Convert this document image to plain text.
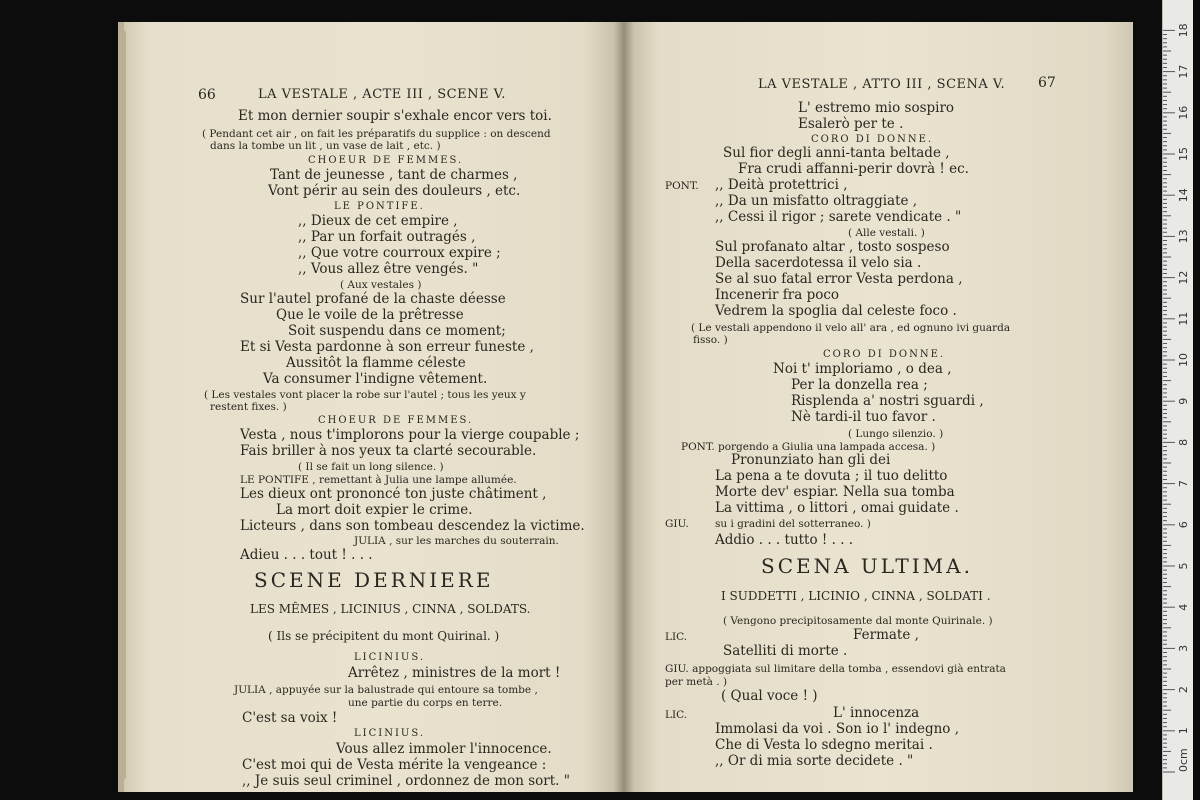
66	LA VESTALE , ACTE III , SCENE V.
Et mon dernier soupir s'exhale encor vers toi.
( Pendant cet air , on fait les préparatifs du supplice : on descend
dans la tombe un lit , un vase de lait , etc. )
CHOEUR DE FEMMES.
Tant de jeunesse , tant de charmes ,
Vont périr au sein des douleurs , etc.
LE PONTIFE.
,, Dieux de cet empire ,
,, Par un forfait outragés ,
,, Que votre courroux expire ;
,, Vous allez être vengés. "
( Aux vestales )
Sur l'autel profané de la chaste déesse
Que le voile de la prêtresse
Soit suspendu dans ce moment;
Et si Vesta pardonne à son erreur funeste ,
Aussitôt la flamme céleste
Va consumer l'indigne vêtement.
( Les vestales vont placer la robe sur l'autel ; tous les yeux y
restent fixes. )
CHOEUR DE FEMMES.
Vesta , nous t'implorons pour la vierge coupable ;
Fais briller à nos yeux ta clarté secourable.
( Il se fait un long silence. )
LE PONTIFE , remettant à Julia une lampe allumée.
Les dieux ont prononcé ton juste châtiment ,
La mort doit expier le crime.
Licteurs , dans son tombeau descendez la victime.
JULIA , sur les marches du souterrain.
Adieu . . . tout ! . . .
SCENE DERNIERE
LES MÊMES , LICINIUS , CINNA , SOLDATS.
( Ils se précipitent du mont Quirinal. )
LICINIUS.
Arrêtez , ministres de la mort !
JULIA , appuyée sur la balustrade qui entoure sa tombe ,
une partie du corps en terre.
C'est sa voix !
LICINIUS.
Vous allez immoler l'innocence.
C'est moi qui de Vesta mérite la vengeance :
,, Je suis seul criminel , ordonnez de mon sort. "
LA VESTALE , ATTO III , SCENA V. 67
L' estremo mio sospiro
Esalerò per te .
CORO DI DONNE.
Sul fior degli anni-tanta beltade ,
Fra crudi affanni-perir dovrà ! ec.
PONT. ,, Deità protettrici ,
,, Da un misfatto oltraggiate ,
,, Cessi il rigor ; sarete vendicate . "
( Alle vestali. )
Sul profanato altar , tosto sospeso
Della sacerdotessa il velo sia .
Se al suo fatal error Vesta perdona ,
Incenerir fra poco
Vedrem la spoglia dal celeste foco .
( Le vestali appendono il velo all' ara , ed ognuno ivi guarda
fisso. )
CORO DI DONNE.
Noi t' imploriamo , o dea ,
Per la donzella rea ;
Risplenda a' nostri sguardi ,
Nè tardi-il tuo favor .
( Lungo silenzio. )
PONT. porgendo a Giulia una lampada accesa. )
Pronunziato han gli dei
La pena a te dovuta ; il tuo delitto
Morte dev' espiar. Nella sua tomba
La vittima , o littori , omai guidate .
GIU. su i gradini del sotterraneo. )
Addio . . . tutto ! . . .
SCENA ULTIMA.
I SUDDETTI , LICINIO , CINNA , SOLDATI .
( Vengono precipitosamente dal monte Quirinale. )
LIC.	Fermate ,
Satelliti di morte .
GIU. appoggiata sul limitare della tomba , essendovi già entrata
per metà . )
( Qual voce ! )
LIC.	L' innocenza
Immolasi da voi . Son io l' indegno ,
Che di Vesta lo sdegno meritai .
,, Or di mia sorte decidete . "	0cm
1
2
3
4
5
6
7
8
9
10
11
12
13
14
15
16
17
18
